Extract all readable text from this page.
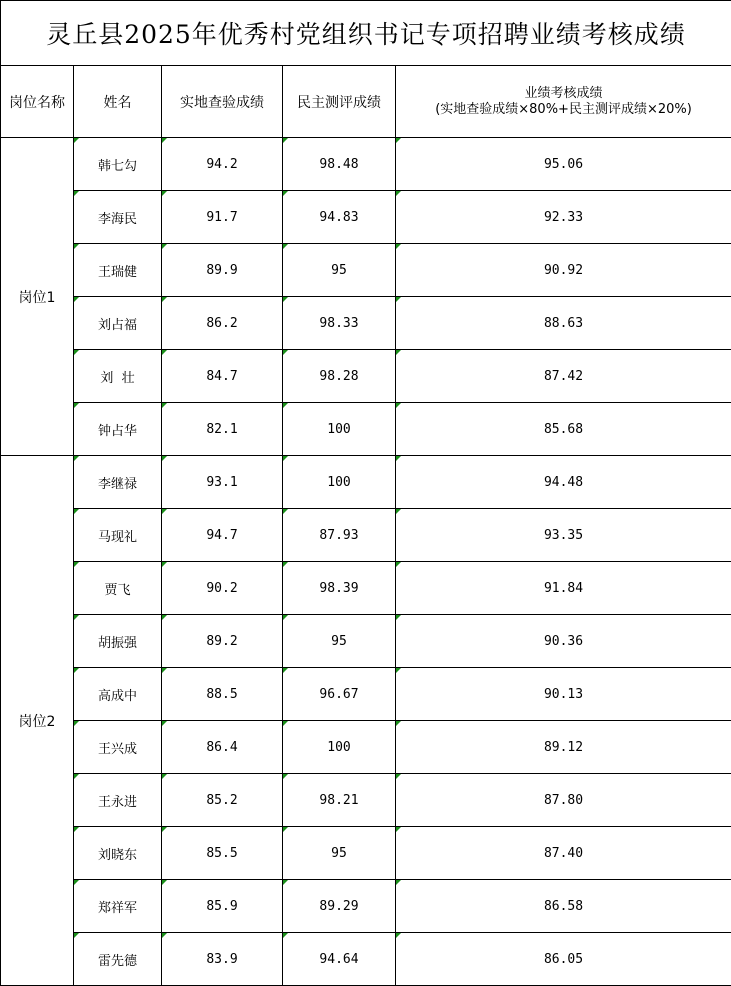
灵丘县2025年优秀村党组织书记专项招聘业绩考核成绩				
岗位名称	姓名	实地查验成绩	民主测评成绩	业绩考核成绩
(实地查验成绩×80%+民主测评成绩×20%)

岗位1	韩七勾	94.2	98.48	95.06

李海民	91.7	94.83	92.33

王瑞健	89.9	95	90.92

刘占福	86.2	98.33	88.63

刘  壮	84.7	98.28	87.42

钟占华	82.1	100	85.68
岗位2	李继禄	93.1	100	94.48

马现礼	94.7	87.93	93.35

贾飞	90.2	98.39	91.84

胡振强	89.2	95	90.36

高成中	88.5	96.67	90.13

王兴成	86.4	100	89.12

王永进	85.2	98.21	87.80

刘晓东	85.5	95	87.40

郑祥军	85.9	89.29	86.58

雷先德	83.9	94.64	86.05
